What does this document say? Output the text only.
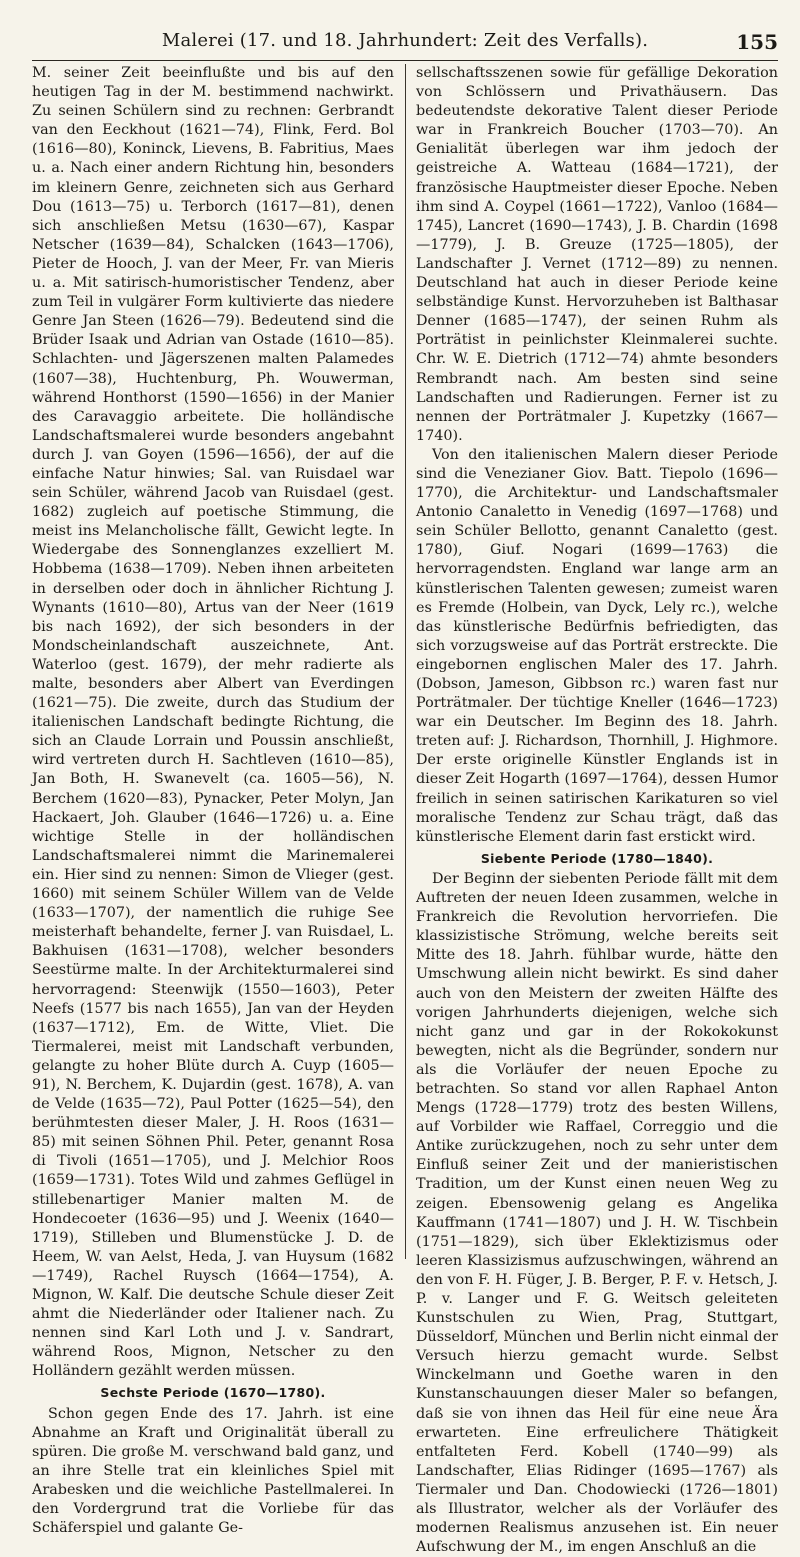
Malerei (17. und 18. Jahrhundert: Zeit des Verfalls).	155

M. seiner Zeit beeinflußte und bis auf den heutigen Tag in der M. bestimmend nachwirkt. Zu seinen Schülern sind zu rechnen: Gerbrandt van den Eeckhout (1621—74), Flink, Ferd. Bol (1616—80), Koninck, Lievens, B. Fabritius, Maes u. a. Nach einer andern Richtung hin, besonders im kleinern Genre, zeichneten sich aus Gerhard Dou (1613—75) u. Terborch (1617—81), denen sich anschließen Metsu (1630—67), Kaspar Netscher (1639—84), Schalcken (1643—1706), Pieter de Hooch, J. van der Meer, Fr. van Mieris u. a. Mit satirisch-humoristischer Tendenz, aber zum Teil in vulgärer Form kultivierte das niedere Genre Jan Steen (1626—79). Bedeutend sind die Brüder Isaak und Adrian van Ostade (1610—85). Schlachten- und Jägerszenen malten Palamedes (1607—38), Huchtenburg, Ph. Wouwerman, während Honthorst (1590—1656) in der Manier des Caravaggio arbeitete. Die holländische Landschaftsmalerei wurde besonders angebahnt durch J. van Goyen (1596—1656), der auf die einfache Natur hinwies; Sal. van Ruisdael war sein Schüler, während Jacob van Ruisdael (gest. 1682) zugleich auf poetische Stimmung, die meist ins Melancholische fällt, Gewicht legte. In Wiedergabe des Sonnenglanzes exzelliert M. Hobbema (1638—1709). Neben ihnen arbeiteten in derselben oder doch in ähnlicher Richtung J. Wynants (1610—80), Artus van der Neer (1619 bis nach 1692), der sich besonders in der Mondscheinlandschaft auszeichnete, Ant. Waterloo (gest. 1679), der mehr radierte als malte, besonders aber Albert van Everdingen (1621—75). Die zweite, durch das Studium der italienischen Landschaft bedingte Richtung, die sich an Claude Lorrain und Poussin anschließt, wird vertreten durch H. Sachtleven (1610—85), Jan Both, H. Swanevelt (ca. 1605—56), N. Berchem (1620—83), Pynacker, Peter Molyn, Jan Hackaert, Joh. Glauber (1646—1726) u. a. Eine wichtige Stelle in der holländischen Landschaftsmalerei nimmt die Marinemalerei ein. Hier sind zu nennen: Simon de Vlieger (gest. 1660) mit seinem Schüler Willem van de Velde (1633—1707), der namentlich die ruhige See meisterhaft behandelte, ferner J. van Ruisdael, L. Bakhuisen (1631—1708), welcher besonders Seestürme malte. In der Architekturmalerei sind hervorragend: Steenwijk (1550—1603), Peter Neefs (1577 bis nach 1655), Jan van der Heyden (1637—1712), Em. de Witte, Vliet. Die Tiermalerei, meist mit Landschaft verbunden, gelangte zu hoher Blüte durch A. Cuyp (1605—91), N. Berchem, K. Dujardin (gest. 1678), A. van de Velde (1635—72), Paul Potter (1625—54), den berühmtesten dieser Maler, J. H. Roos (1631—85) mit seinen Söhnen Phil. Peter, genannt Rosa di Tivoli (1651—1705), und J. Melchior Roos (1659—1731). Totes Wild und zahmes Geflügel in stillebenartiger Manier malten M. de Hondecoeter (1636—95) und J. Weenix (1640—1719), Stilleben und Blumenstücke J. D. de Heem, W. van Aelst, Heda, J. van Huysum (1682—1749), Rachel Ruysch (1664—1754), A. Mignon, W. Kalf. Die deutsche Schule dieser Zeit ahmt die Niederländer oder Italiener nach. Zu nennen sind Karl Loth und J. v. Sandrart, während Roos, Mignon, Netscher zu den Holländern gezählt werden müssen.

Sechste Periode (1670—1780).

Schon gegen Ende des 17. Jahrh. ist eine Abnahme an Kraft und Originalität überall zu spüren. Die große M. verschwand bald ganz, und an ihre Stelle trat ein kleinliches Spiel mit Arabesken und die weichliche Pastellmalerei. In den Vordergrund trat die Vorliebe für das Schäferspiel und galante Ge-

sellschaftsszenen sowie für gefällige Dekoration von Schlössern und Privathäusern. Das bedeutendste dekorative Talent dieser Periode war in Frankreich Boucher (1703—70). An Genialität überlegen war ihm jedoch der geistreiche A. Watteau (1684—1721), der französische Hauptmeister dieser Epoche. Neben ihm sind A. Coypel (1661—1722), Vanloo (1684—1745), Lancret (1690—1743), J. B. Chardin (1698—1779), J. B. Greuze (1725—1805), der Landschafter J. Vernet (1712—89) zu nennen. Deutschland hat auch in dieser Periode keine selbständige Kunst. Hervorzuheben ist Balthasar Denner (1685—1747), der seinen Ruhm als Porträtist in peinlichster Kleinmalerei suchte. Chr. W. E. Dietrich (1712—74) ahmte besonders Rembrandt nach. Am besten sind seine Landschaften und Radierungen. Ferner ist zu nennen der Porträtmaler J. Kupetzky (1667—1740).

Von den italienischen Malern dieser Periode sind die Venezianer Giov. Batt. Tiepolo (1696—1770), die Architektur- und Landschaftsmaler Antonio Canaletto in Venedig (1697—1768) und sein Schüler Bellotto, genannt Canaletto (gest. 1780), Giuf. Nogari (1699—1763) die hervorragendsten. England war lange arm an künstlerischen Talenten gewesen; zumeist waren es Fremde (Holbein, van Dyck, Lely rc.), welche das künstlerische Bedürfnis befriedigten, das sich vorzugsweise auf das Porträt erstreckte. Die eingebornen englischen Maler des 17. Jahrh. (Dobson, Jameson, Gibbson rc.) waren fast nur Porträtmaler. Der tüchtige Kneller (1646—1723) war ein Deutscher. Im Beginn des 18. Jahrh. treten auf: J. Richardson, Thornhill, J. Highmore. Der erste originelle Künstler Englands ist in dieser Zeit Hogarth (1697—1764), dessen Humor freilich in seinen satirischen Karikaturen so viel moralische Tendenz zur Schau trägt, daß das künstlerische Element darin fast erstickt wird.

Siebente Periode (1780—1840).

Der Beginn der siebenten Periode fällt mit dem Auftreten der neuen Ideen zusammen, welche in Frankreich die Revolution hervorriefen. Die klassizistische Strömung, welche bereits seit Mitte des 18. Jahrh. fühlbar wurde, hätte den Umschwung allein nicht bewirkt. Es sind daher auch von den Meistern der zweiten Hälfte des vorigen Jahrhunderts diejenigen, welche sich nicht ganz und gar in der Rokokokunst bewegten, nicht als die Begründer, sondern nur als die Vorläufer der neuen Epoche zu betrachten. So stand vor allen Raphael Anton Mengs (1728—1779) trotz des besten Willens, auf Vorbilder wie Raffael, Correggio und die Antike zurückzugehen, noch zu sehr unter dem Einfluß seiner Zeit und der manieristischen Tradition, um der Kunst einen neuen Weg zu zeigen. Ebensowenig gelang es Angelika Kauffmann (1741—1807) und J. H. W. Tischbein (1751—1829), sich über Eklektizismus oder leeren Klassizismus aufzuschwingen, während an den von F. H. Füger, J. B. Berger, P. F. v. Hetsch, J. P. v. Langer und F. G. Weitsch geleiteten Kunstschulen zu Wien, Prag, Stuttgart, Düsseldorf, München und Berlin nicht einmal der Versuch hierzu gemacht wurde. Selbst Winckelmann und Goethe waren in den Kunstanschauungen dieser Maler so befangen, daß sie von ihnen das Heil für eine neue Ära erwarteten. Eine erfreulichere Thätigkeit entfalteten Ferd. Kobell (1740—99) als Landschafter, Elias Ridinger (1695—1767) als Tiermaler und Dan. Chodowiecki (1726—1801) als Illustrator, welcher als der Vorläufer des modernen Realismus anzusehen ist. Ein neuer Aufschwung der M., im engen Anschluß an die
